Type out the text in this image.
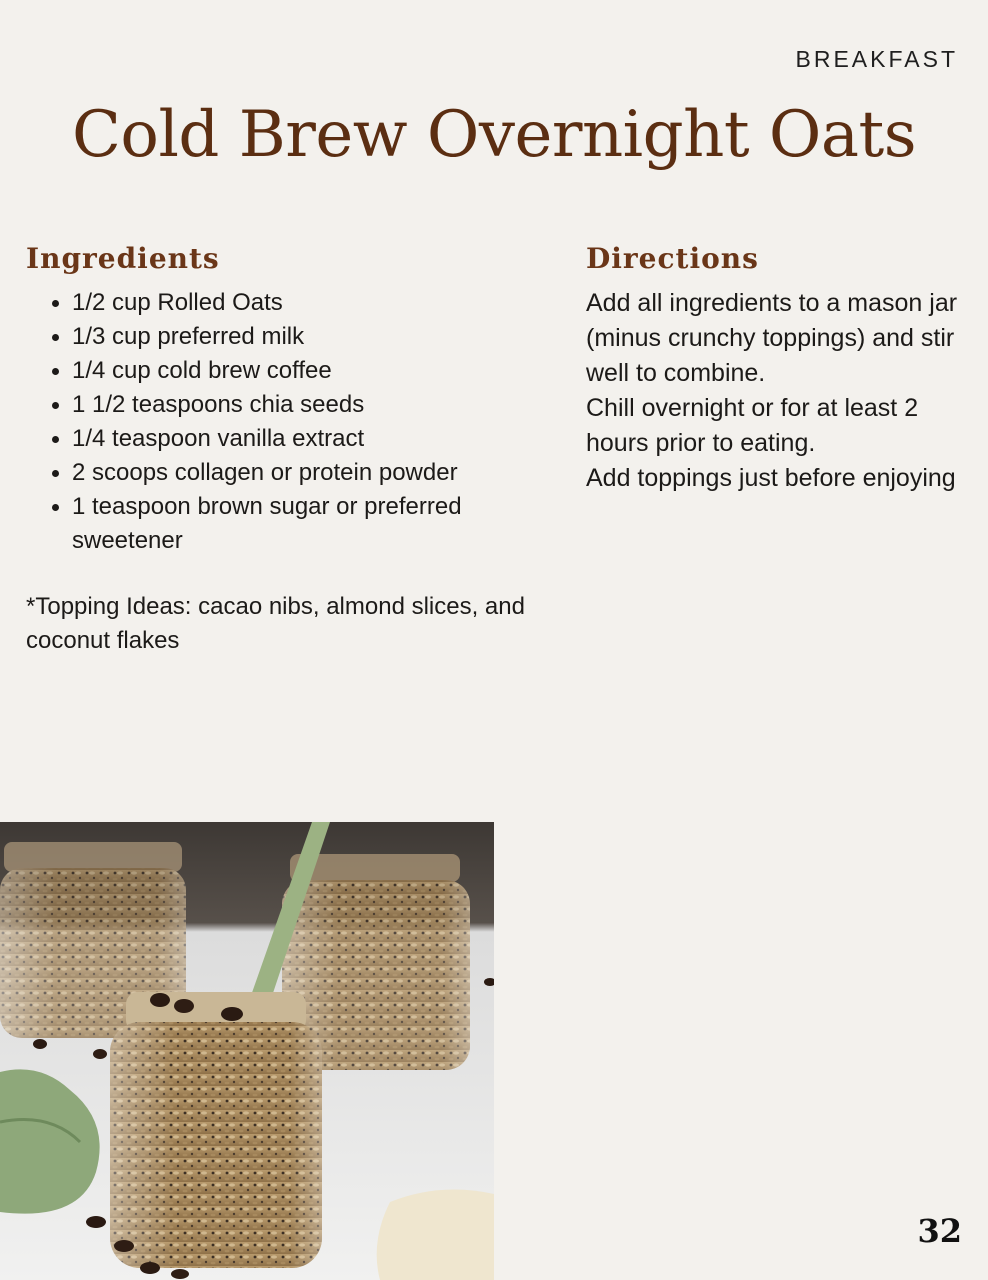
BREAKFAST
Cold Brew Overnight Oats
Ingredients
• 1/2 cup Rolled Oats
• 1/3 cup preferred milk
• 1/4 cup cold brew coffee
• 1 1/2 teaspoons chia seeds
• 1/4 teaspoon vanilla extract
• 2 scoops collagen or protein powder
• 1 teaspoon brown sugar or preferred sweetener

*Topping Ideas: cacao nibs, almond slices, and coconut flakes

Directions

Add all ingredients to a mason jar (minus crunchy toppings) and stir well to combine.

Chill overnight or for at least 2 hours prior to eating.

Add toppings just before enjoying

32
